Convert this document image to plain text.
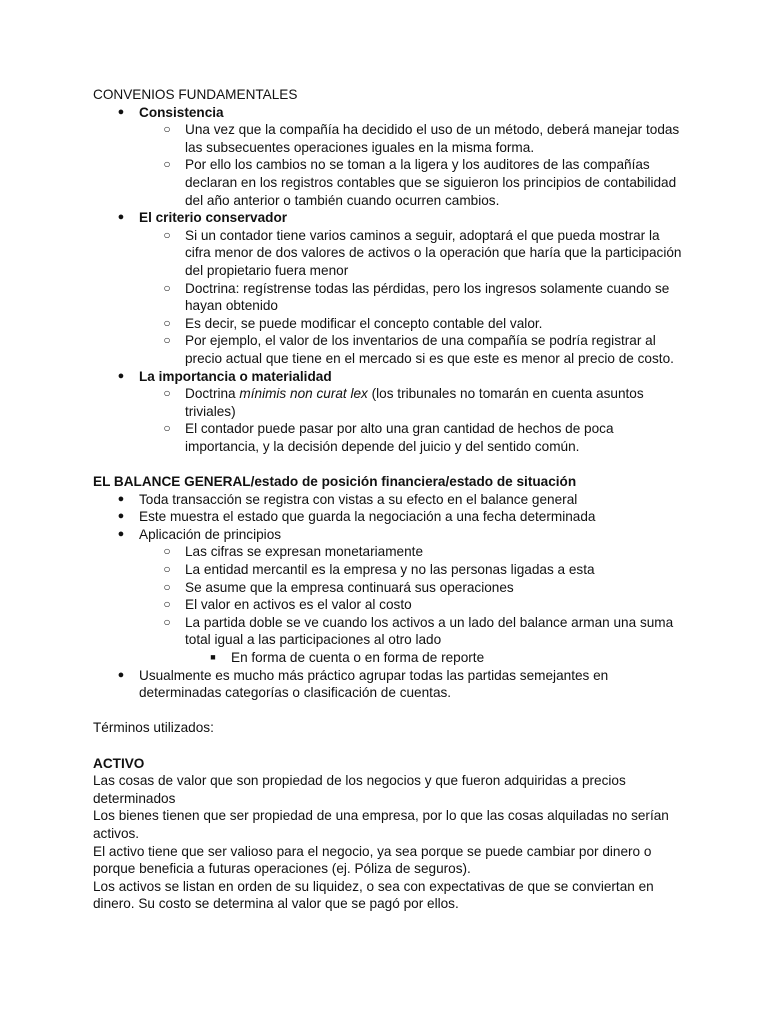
CONVENIOS FUNDAMENTALES

● Consistencia
○ Una vez que la compañía ha decidido el uso de un método, deberá manejar todas las subsecuentes operaciones iguales en la misma forma.
○ Por ello los cambios no se toman a la ligera y los auditores de las compañías declaran en los registros contables que se siguieron los principios de contabilidad del año anterior o también cuando ocurren cambios.
● El criterio conservador
○ Si un contador tiene varios caminos a seguir, adoptará el que pueda mostrar la cifra menor de dos valores de activos o la operación que haría que la participación del propietario fuera menor
○ Doctrina: regístrense todas las pérdidas, pero los ingresos solamente cuando se hayan obtenido
○ Es decir, se puede modificar el concepto contable del valor.
○ Por ejemplo, el valor de los inventarios de una compañía se podría registrar al precio actual que tiene en el mercado si es que este es menor al precio de costo.
● La importancia o materialidad
○ Doctrina mínimis non curat lex (los tribunales no tomarán en cuenta asuntos triviales)
○ El contador puede pasar por alto una gran cantidad de hechos de poca importancia, y la decisión depende del juicio y del sentido común.

EL BALANCE GENERAL/estado de posición financiera/estado de situación

● Toda transacción se registra con vistas a su efecto en el balance general
● Este muestra el estado que guarda la negociación a una fecha determinada
● Aplicación de principios
○ Las cifras se expresan monetariamente
○ La entidad mercantil es la empresa y no las personas ligadas a esta
○ Se asume que la empresa continuará sus operaciones
○ El valor en activos es el valor al costo
○ La partida doble se ve cuando los activos a un lado del balance arman una suma total igual a las participaciones al otro lado
■ En forma de cuenta o en forma de reporte
● Usualmente es mucho más práctico agrupar todas las partidas semejantes en determinadas categorías o clasificación de cuentas.

Términos utilizados:

ACTIVO

Las cosas de valor que son propiedad de los negocios y que fueron adquiridas a precios determinados

Los bienes tienen que ser propiedad de una empresa, por lo que las cosas alquiladas no serían activos.

El activo tiene que ser valioso para el negocio, ya sea porque se puede cambiar por dinero o porque beneficia a futuras operaciones (ej. Póliza de seguros).

Los activos se listan en orden de su liquidez, o sea con expectativas de que se conviertan en dinero. Su costo se determina al valor que se pagó por ellos.
